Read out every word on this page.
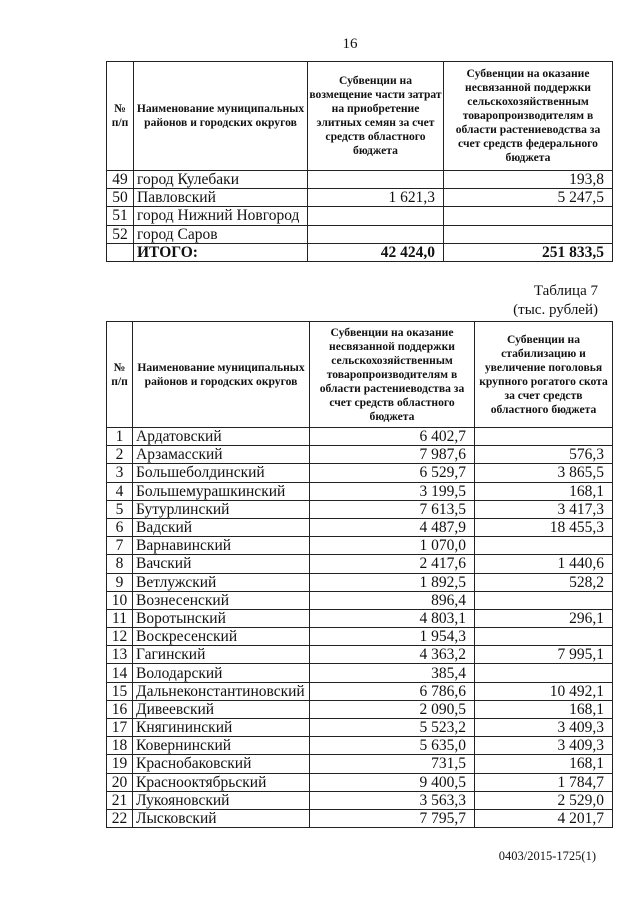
16
№ п/п	Наименование муниципальных районов и городских округов	Субвенции на возмещение части затрат на приобретение элитных семян за счет средств областного бюджета	Субвенции на оказание несвязанной поддержки сельскохозяйственным товаропроизводителям в области растениеводства за счет средств федерального бюджета
49	город Кулебаки		193,8
50	Павловский	1 621,3	5 247,5
51	город Нижний Новгород		
52	город Саров		
	ИТОГО:	42 424,0	251 833,5
Таблица 7
(тыс. рублей)
№ п/п	Наименование муниципальных районов и городских округов	Субвенции на оказание несвязанной поддержки сельскохозяйственным товаропроизводителям в области растениеводства за счет средств областного бюджета	Субвенции на стабилизацию и увеличение поголовья крупного рогатого скота за счет средств областного бюджета
1	Ардатовский	6 402,7	
2	Арзамасский	7 987,6	576,3
3	Большеболдинский	6 529,7	3 865,5
4	Большемурашкинский	3 199,5	168,1
5	Бутурлинский	7 613,5	3 417,3
6	Вадский	4 487,9	18 455,3
7	Варнавинский	1 070,0	
8	Вачский	2 417,6	1 440,6
9	Ветлужский	1 892,5	528,2
10	Вознесенский	896,4	
11	Воротынский	4 803,1	296,1
12	Воскресенский	1 954,3	
13	Гагинский	4 363,2	7 995,1
14	Володарский	385,4	
15	Дальнеконстантиновский	6 786,6	10 492,1
16	Дивеевский	2 090,5	168,1
17	Княгининский	5 523,2	3 409,3
18	Ковернинский	5 635,0	3 409,3
19	Краснобаковский	731,5	168,1
20	Краснооктябрьский	9 400,5	1 784,7
21	Лукояновский	3 563,3	2 529,0
22	Лысковский	7 795,7	4 201,7
0403/2015-1725(1)
